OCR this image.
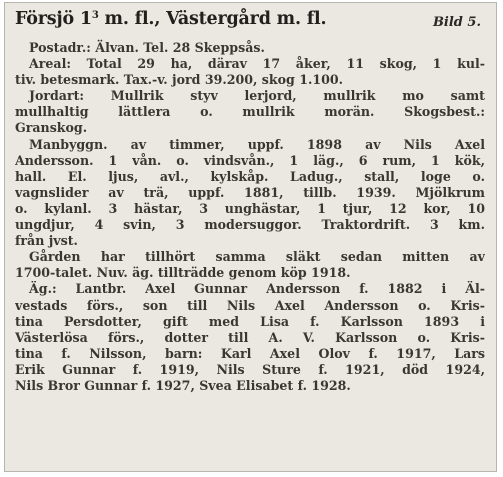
Försjö $1^3$ m. fl., Västergård m. fl.	Bild 5.
Postadr.: Älvan. Tel. 28 Skeppsås.
Areal: Total 29 ha, därav 17 åker, 11 skog, 1 kul-
tiv. betesmark. Tax.-v. jord 39.200, skog 1.100.
Jordart: Mullrik styv lerjord, mullrik mo samt
mullhaltig lättlera o. mullrik morän. Skogsbest.:
Granskog.
Manbyggn. av timmer, uppf. 1898 av Nils Axel
Andersson. 1 vån. o. vindsvån., 1 läg., 6 rum, 1 kök,
hall. El. ljus, avl., kylskåp. Ladug., stall, loge o.
vagnslider av trä, uppf. 1881, tillb. 1939. Mjölkrum
o. kylanl. 3 hästar, 3 unghästar, 1 tjur, 12 kor, 10
ungdjur, 4 svin, 3 modersuggor. Traktordrift. 3 km.
från jvst.
Gården har tillhört samma släkt sedan mitten av
1700-talet. Nuv. äg. tillträdde genom köp 1918.
Äg.: Lantbr. Axel Gunnar Andersson f. 1882 i Äl-
vestads förs., son till Nils Axel Andersson o. Kris-
tina Persdotter, gift med Lisa f. Karlsson 1893 i
Västerlösa förs., dotter till A. V. Karlsson o. Kris-
tina f. Nilsson, barn: Karl Axel Olov f. 1917, Lars
Erik Gunnar f. 1919, Nils Sture f. 1921, död 1924,
Nils Bror Gunnar f. 1927, Svea Elisabet f. 1928.
